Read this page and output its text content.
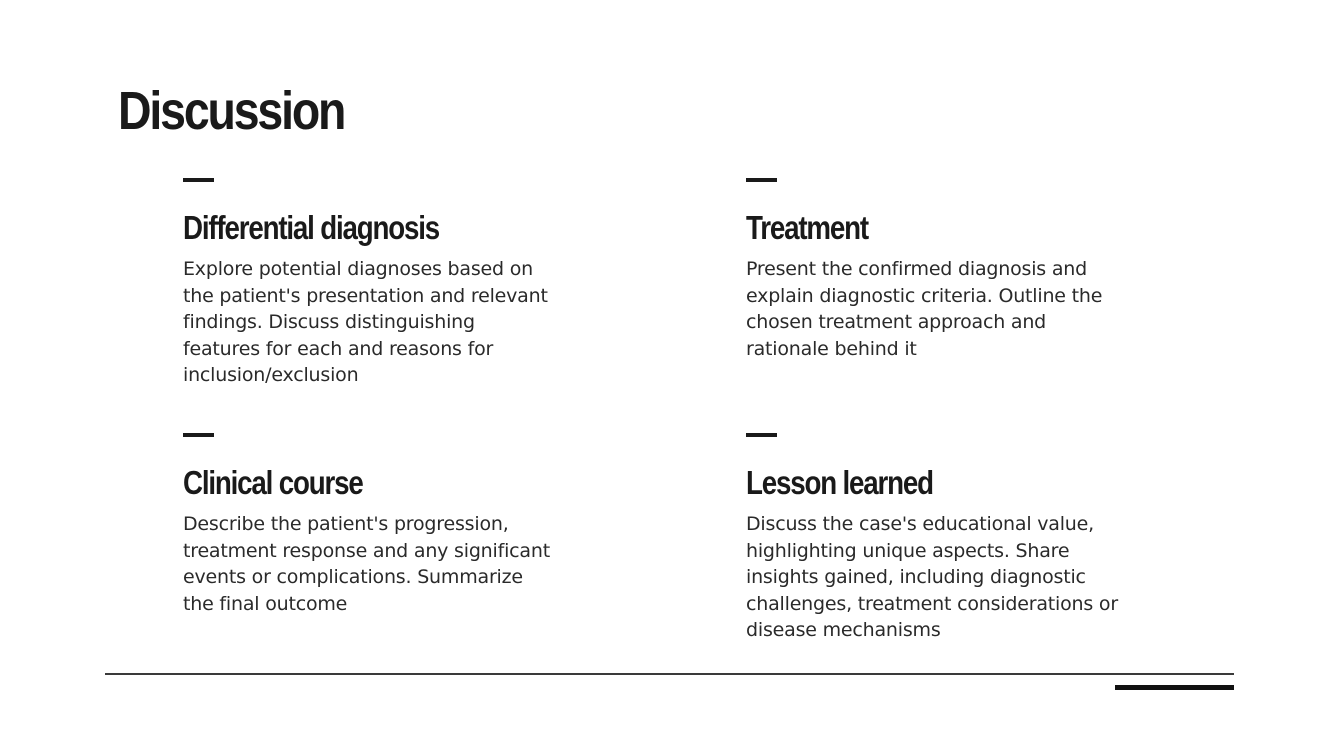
Discussion
Differential diagnosis

Explore potential diagnoses based on
the patient's presentation and relevant
findings. Discuss distinguishing
features for each and reasons for
inclusion/exclusion

Treatment

Present the confirmed diagnosis and
explain diagnostic criteria. Outline the
chosen treatment approach and
rationale behind it

Clinical course

Describe the patient's progression,
treatment response and any significant
events or complications. Summarize
the final outcome

Lesson learned

Discuss the case's educational value,
highlighting unique aspects. Share
insights gained, including diagnostic
challenges, treatment considerations or
disease mechanisms
